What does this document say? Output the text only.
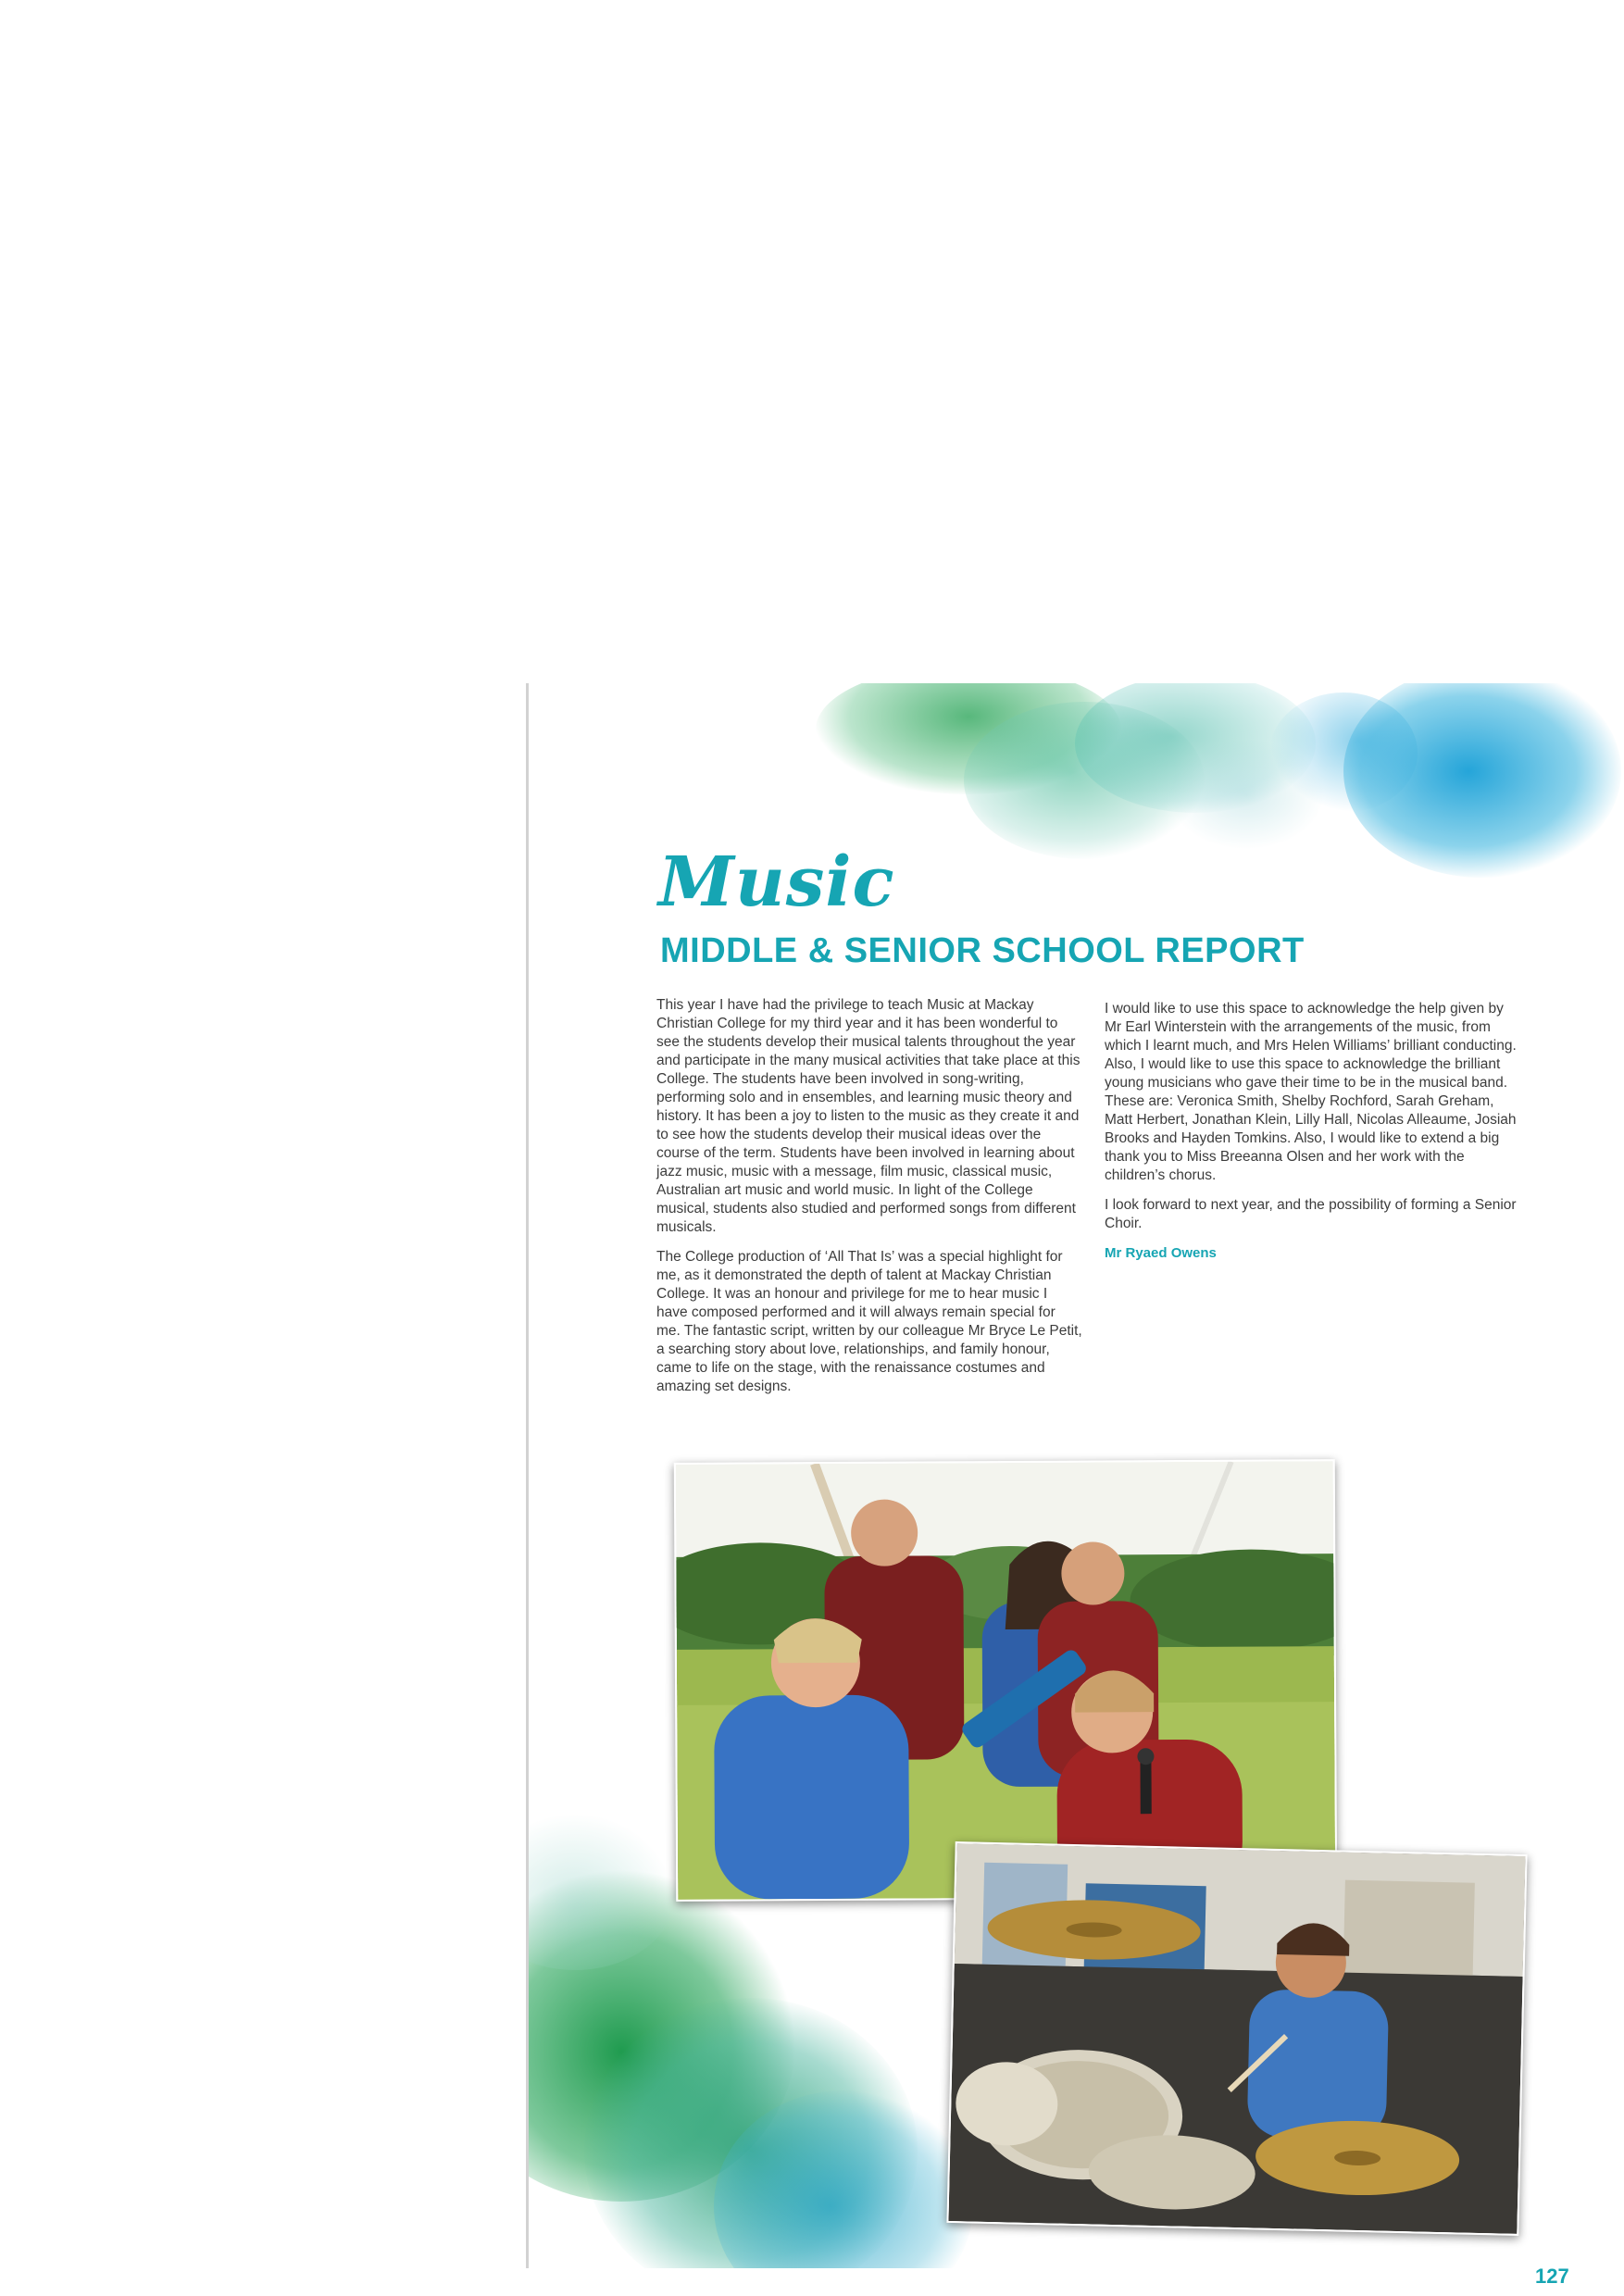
Music
MIDDLE & SENIOR SCHOOL REPORT

This year I have had the privilege to teach Music at Mackay Christian College for my third year and it has been wonderful to see the students develop their musical talents throughout the year and participate in the many musical activities that take place at this College. The students have been involved in song-writing, performing solo and in ensembles, and learning music theory and history. It has been a joy to listen to the music as they create it and to see how the students develop their musical ideas over the course of the term. Students have been involved in learning about jazz music, music with a message, film music, classical music, Australian art music and world music. In light of the College musical, students also studied and performed songs from different musicals.

The College production of ‘All That Is’ was a special highlight for me, as it demonstrated the depth of talent at Mackay Christian College. It was an honour and privilege for me to hear music I have composed performed and it will always remain special for me. The fantastic script, written by our colleague Mr Bryce Le Petit, a searching story about love, relationships, and family honour, came to life on the stage, with the renaissance costumes and amazing set designs.

I would like to use this space to acknowledge the help given by Mr Earl Winterstein with the arrangements of the music, from which I learnt much, and Mrs Helen Williams’ brilliant conducting. Also, I would like to use this space to acknowledge the brilliant young musicians who gave their time to be in the musical band. These are: Veronica Smith, Shelby Rochford, Sarah Greham, Matt Herbert, Jonathan Klein, Lilly Hall, Nicolas Alleaume, Josiah Brooks and Hayden Tomkins. Also, I would like to extend a big thank you to Miss Breeanna Olsen and her work with the children’s chorus.

I look forward to next year, and the possibility of forming a Senior Choir.

Mr Ryaed Owens

127
